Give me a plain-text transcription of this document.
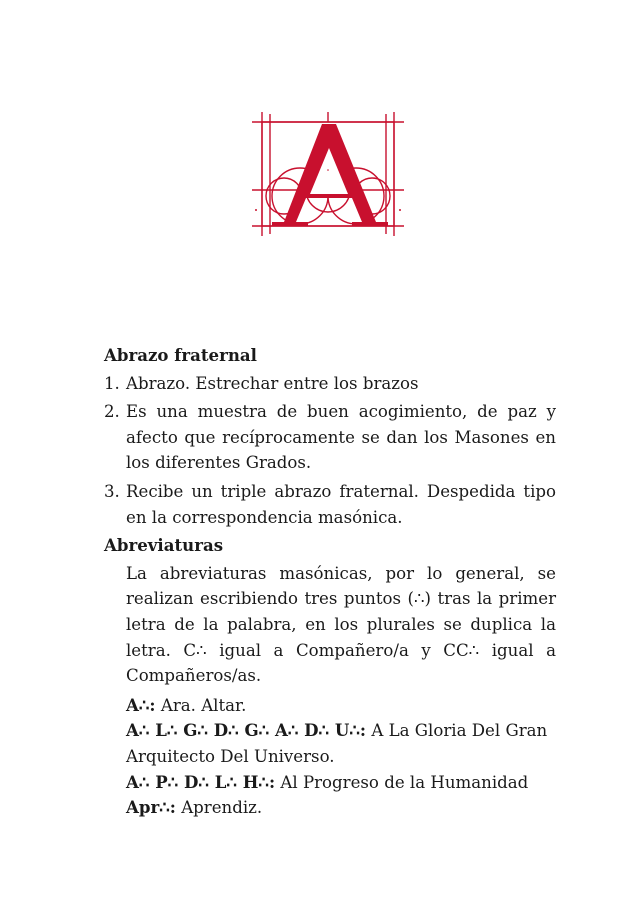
Abrazo fraternal
1. Abrazo. Estrechar entre los brazos
2. Es una muestra de buen acogimiento, de paz y afecto que recíprocamente se dan los Masones en los diferentes Grados.
3. Recibe un triple abrazo fraternal. Despedida tipo en la correspondencia masónica.
Abreviaturas

La abreviaturas masónicas, por lo general, se realizan escribiendo tres puntos (∴) tras la primer letra de la palabra, en los plurales se duplica la letra. C∴ igual a Compañero/a y CC∴ igual a Compañeros/as.

A∴: Ara. Altar.

A∴ L∴ G∴ D∴ G∴ A∴ D∴ U∴: A La Gloria Del Gran Arquitecto Del Universo.

A∴ P∴ D∴ L∴ H∴: Al Progreso de la Humanidad

Apr∴: Aprendiz.
